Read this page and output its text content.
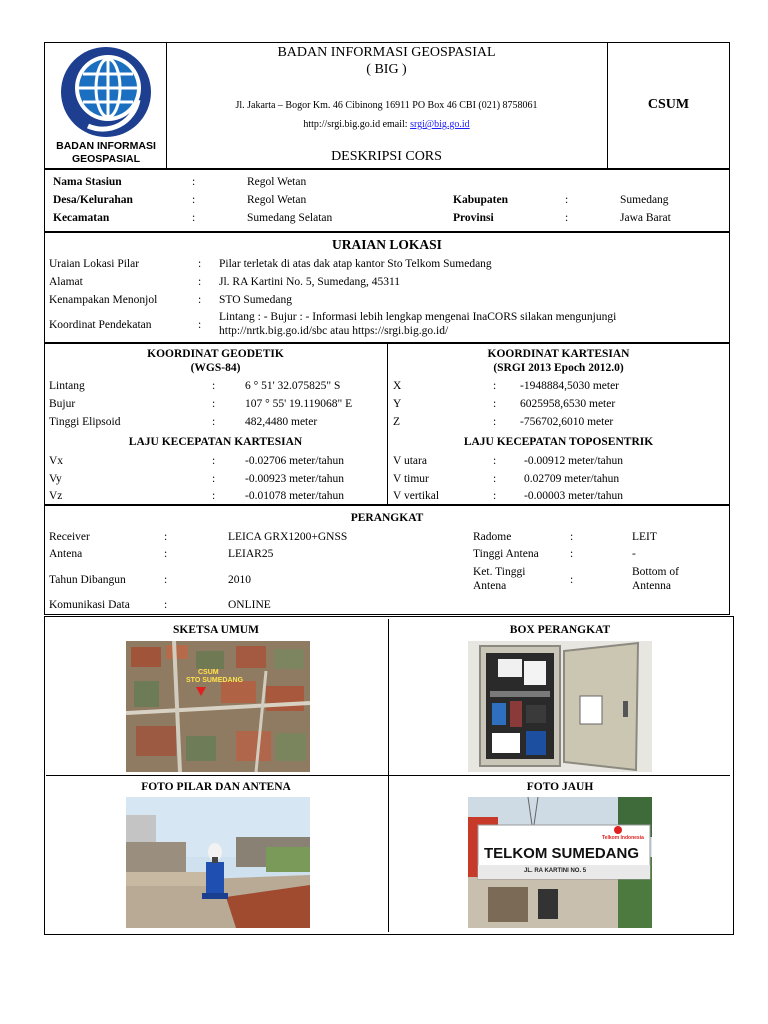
BADAN INFORMASI
GEOSPASIAL
BADAN INFORMASI GEOSPASIAL
( BIG )
Jl. Jakarta – Bogor Km. 46 Cibinong 16911 PO Box 46 CBI (021) 8758061
http://srgi.big.go.id email: srgi@big.go.id
DESKRIPSI CORS
CSUM
Nama Stasiun	:	Regol Wetan
Desa/Kelurahan	:	Regol Wetan	Kabupaten	:	Sumedang
Kecamatan	:	Sumedang Selatan	Provinsi	:	Jawa Barat
URAIAN LOKASI
Uraian Lokasi Pilar	: Pilar terletak di atas dak atap kantor Sto Telkom Sumedang
Alamat	: Jl. RA Kartini No. 5, Sumedang, 45311
Kenampakan Menonjol	: STO Sumedang
Koordinat Pendekatan	:
Lintang : - Bujur : - Informasi lebih lengkap mengenai InaCORS silakan mengunjungi
http://nrtk.big.go.id/sbc atau https://srgi.big.go.id/
KOORDINAT GEODETIK
(WGS-84)
KOORDINAT KARTESIAN
(SRGI 2013 Epoch 2012.0)
Lintang	:	6 ° 51' 32.075825" S
Bujur	:	107 ° 55' 19.119068" E
Tinggi Elipsoid	:	482,4480 meter
X	: -1948884,5030 meter
Y	: 6025958,6530 meter
Z	: -756702,6010 meter
LAJU KECEPATAN KARTESIAN	LAJU KECEPATAN TOPOSENTRIK
Vx	:	-0.02706 meter/tahun
Vy	:	-0.00923 meter/tahun
Vz	:	-0.01078 meter/tahun
V utara	: -0.00912 meter/tahun
V timur	: 0.02709 meter/tahun
V vertikal	: -0.00003 meter/tahun
PERANGKAT
Receiver	:	LEICA GRX1200+GNSS
Antena	:	LEIAR25
Tahun Dibangun	:	2010
Komunikasi Data	:	ONLINE
Radome	:	LEIT
Tinggi Antena	:	-
Ket. Tinggi
Antena	:
Bottom of
Antenna
SKETSA UMUM	BOX PERANGKAT
FOTO PILAR DAN ANTENA	FOTO JAUH
CSUM
STO SUMEDANG
Telkom Indonesia
TELKOM SUMEDANG
JL. RA KARTINI NO. 5
